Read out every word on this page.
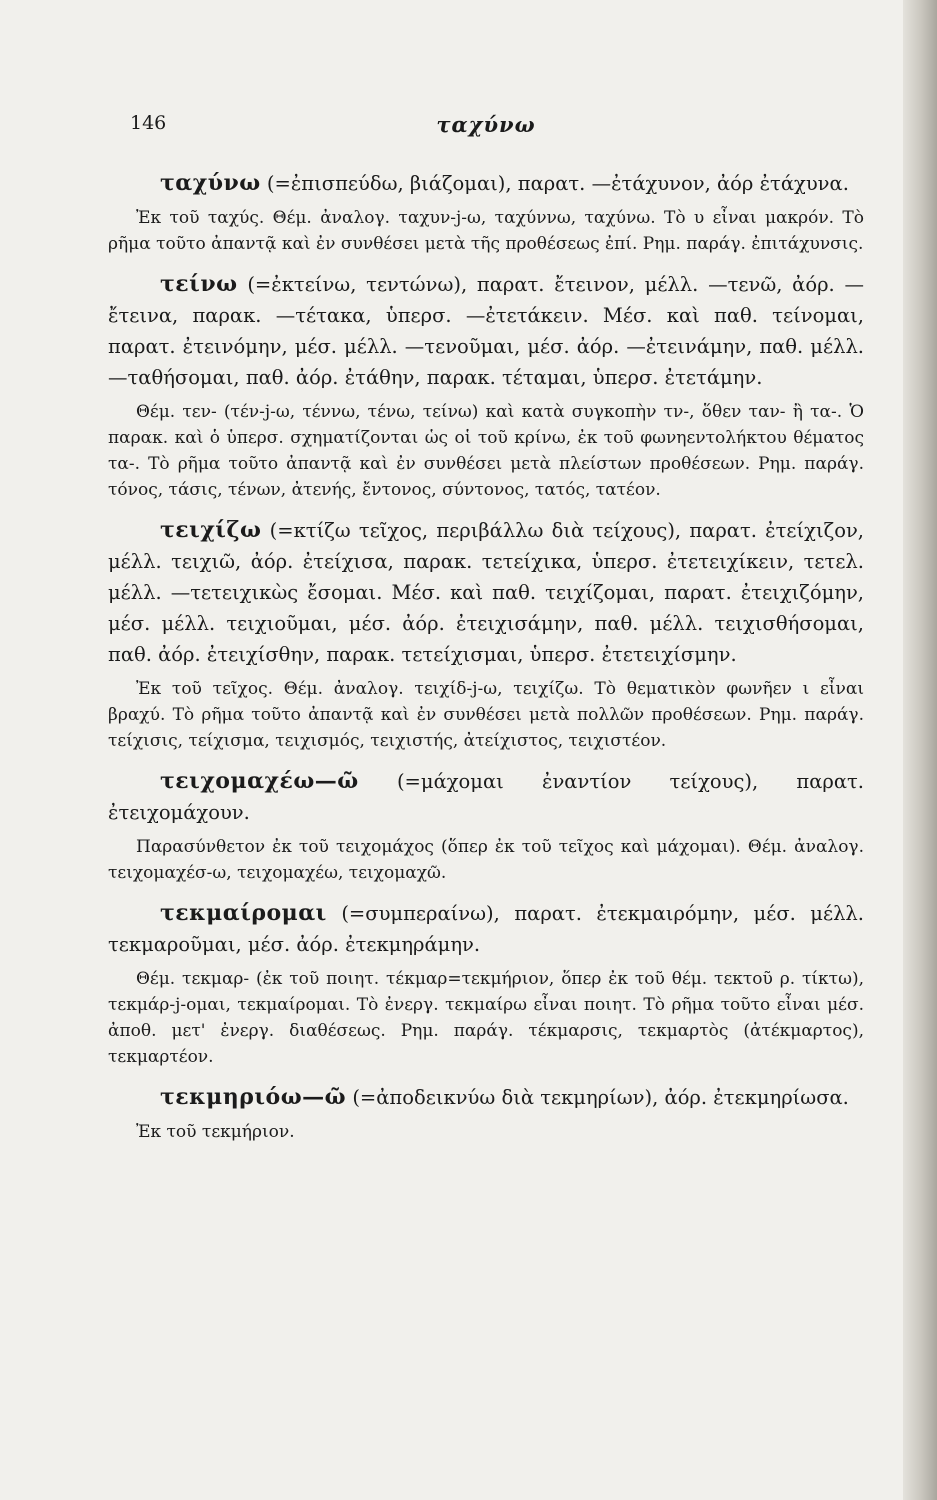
146	ταχύνω

ταχύνω (=ἐπισπεύδω, βιάζομαι), παρατ. —ἐτάχυνον, ἀόρ ἐτάχυνα.

Ἐκ τοῦ ταχύς. Θέμ. ἀναλογ. ταχυν-j-ω, ταχύννω, ταχύνω. Τὸ υ εἶναι μακρόν. Τὸ ρῆμα τοῦτο ἀπαντᾷ καὶ ἐν συνθέσει μετὰ τῆς προθέσεως ἐπί. Ρημ. παράγ. ἐπιτάχυνσις.

τείνω (=ἐκτείνω, τεντώνω), παρατ. ἔτεινον, μέλλ. —τενῶ, ἀόρ. —ἔτεινα, παρακ. —τέτακα, ὑπερσ. —ἐτετάκειν. Μέσ. καὶ παθ. τείνομαι, παρατ. ἐτεινόμην, μέσ. μέλλ. —τενοῦμαι, μέσ. ἀόρ. —ἐτεινάμην, παθ. μέλλ. —ταθήσομαι, παθ. ἀόρ. ἐτάθην, παρακ. τέταμαι, ὑπερσ. ἐτετάμην.

Θέμ. τεν- (τέν-j-ω, τέννω, τένω, τείνω) καὶ κατὰ συγκοπὴν τν-, ὅθεν ταν- ἢ τα-. Ὁ παρακ. καὶ ὁ ὑπερσ. σχηματίζονται ὡς οἱ τοῦ κρίνω, ἐκ τοῦ φωνηεντολήκτου θέματος τα-. Τὸ ρῆμα τοῦτο ἀπαντᾷ καὶ ἐν συνθέσει μετὰ πλείστων προθέσεων. Ρημ. παράγ. τόνος, τάσις, τένων, ἀτενής, ἔντονος, σύντονος, τατός, τατέον.

τειχίζω (=κτίζω τεῖχος, περιβάλλω διὰ τείχους), παρατ. ἐτείχιζον, μέλλ. τειχιῶ, ἀόρ. ἐτείχισα, παρακ. τετείχικα, ὑπερσ. ἐτετειχίκειν, τετελ. μέλλ. —τετειχικὼς ἔσομαι. Μέσ. καὶ παθ. τειχίζομαι, παρατ. ἐτειχιζόμην, μέσ. μέλλ. τειχιοῦμαι, μέσ. ἀόρ. ἐτειχισάμην, παθ. μέλλ. τειχισθήσομαι, παθ. ἀόρ. ἐτειχίσθην, παρακ. τετείχισμαι, ὑπερσ. ἐτετειχίσμην.

Ἐκ τοῦ τεῖχος. Θέμ. ἀναλογ. τειχίδ-j-ω, τειχίζω. Τὸ θεματικὸν φωνῆεν ι εἶναι βραχύ. Τὸ ρῆμα τοῦτο ἀπαντᾷ καὶ ἐν συνθέσει μετὰ πολλῶν προθέσεων. Ρημ. παράγ. τείχισις, τείχισμα, τειχισμός, τειχιστής, ἀτείχιστος, τειχιστέον.

τειχομαχέω—ῶ (=μάχομαι ἐναντίον τείχους), παρατ. ἐτειχομάχουν.

Παρασύνθετον ἐκ τοῦ τειχομάχος (ὅπερ ἐκ τοῦ τεῖχος καὶ μάχομαι). Θέμ. ἀναλογ. τειχομαχέσ-ω, τειχομαχέω, τειχομαχῶ.

τεκμαίρομαι (=συμπεραίνω), παρατ. ἐτεκμαιρόμην, μέσ. μέλλ. τεκμαροῦμαι, μέσ. ἀόρ. ἐτεκμηράμην.

Θέμ. τεκμαρ- (ἐκ τοῦ ποιητ. τέκμαρ=τεκμήριον, ὅπερ ἐκ τοῦ θέμ. τεκτοῦ ρ. τίκτω), τεκμάρ-j-ομαι, τεκμαίρομαι. Τὸ ἐνεργ. τεκμαίρω εἶναι ποιητ. Τὸ ρῆμα τοῦτο εἶναι μέσ. ἀποθ. μετ' ἐνεργ. διαθέσεως. Ρημ. παράγ. τέκμαρσις, τεκμαρτὸς (ἀτέκμαρτος), τεκμαρτέον.

τεκμηριόω—ῶ (=ἀποδεικνύω διὰ τεκμηρίων), ἀόρ. ἐτεκμηρίωσα.

Ἐκ τοῦ τεκμήριον.
